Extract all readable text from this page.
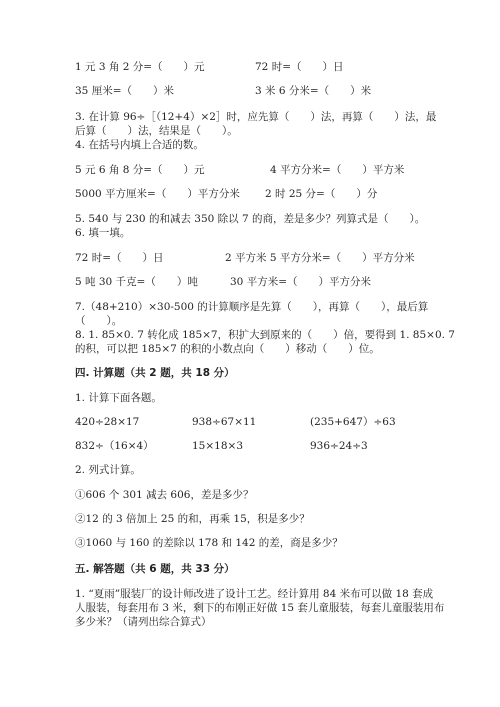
1 元 3 角 2 分=（　　）元	72 时=（　　）日
35 厘米=（　　）米	3 米 6 分米=（　　）米
3. 在计算 96÷［（12+4）×2］时，应先算（　　）法，再算（　　）法，最
后算（　　）法，结果是（　　）。
4. 在括号内填上合适的数。
5 元 6 角 8 分=（　　）元	4 平方分米=（　　）平方米
5000 平方厘米=（　　）平方分米 2 时 25 分=（　　）分
5. 540 与 230 的和减去 350 除以 7 的商，差是多少？列算式是（　　）。
6. 填一填。
72 时=（　　）日	2 平方米 5 平方分米=（　　）平方分米
5 吨 30 千克=（　　）吨	30 平方米=（　　）平方分米
7.（48+210）×30-500 的计算顺序是先算（　　），再算（　　），最后算
（　　）。
8. 1. 85×0. 7 转化成 185×7，积扩大到原来的（　　）倍，要得到 1. 85×0. 7
的积，可以把 185×7 的积的小数点向（　　）移动（　　）位。
四. 计算题（共 2 题，共 18 分）
1. 计算下面各题。
420÷28×17	938÷67×11	(235+647）÷63
832÷（16×4）	15×18×3	936÷24÷3
2. 列式计算。
①606 个 301 减去 606，差是多少？
②12 的 3 倍加上 25 的和，再乘 15，积是多少？
③1060 与 160 的差除以 178 和 142 的差，商是多少？
五. 解答题（共 6 题，共 33 分）
1. “夏雨”服装厂的设计师改进了设计工艺。经计算用 84 米布可以做 18 套成
人服装，每套用布 3 米，剩下的布刚正好做 15 套儿童服装，每套儿童服装用布
多少米？（请列出综合算式）
